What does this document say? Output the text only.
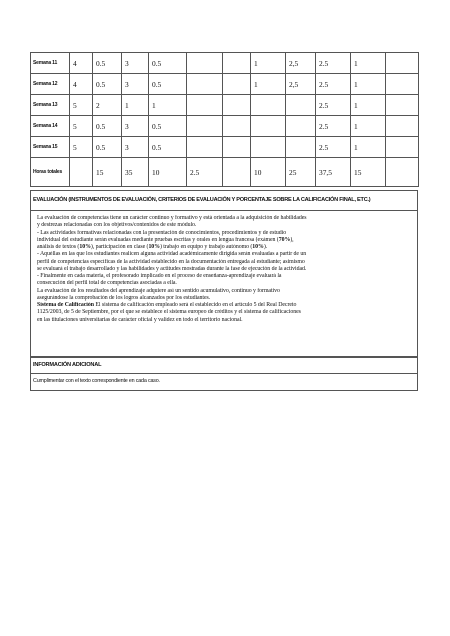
Semana 11	4	0.5	3	0.5			1	2,5	2.5	1	
Semana 12	4	0.5	3	0.5			1	2,5	2.5	1	
Semana 13	5	2	1	1					2.5	1	
Semana 14	5	0.5	3	0.5					2.5	1	
Semana 15	5	0.5	3	0.5					2.5	1	
Horas totales		15	35	10	2.5		10	25	37,5	15	
EVALUACIÓN (INSTRUMENTOS DE EVALUACIÓN, CRITERIOS DE EVALUACIÓN Y PORCENTAJE SOBRE LA CALIFICACIÓN FINAL, ETC.)
La evaluación de competencias tiene un carácter continuo y formativo y está orientada a la adquisición de habilidades
y destrezas relacionadas con los objetivos/contenidos de este módulo.
- Las actividades formativas relacionadas con la presentación de conocimientos, procedimientos y de estudio
individual del estudiante serán evaluadas mediante pruebas escritas y orales en lengua francesa (exámen (70%),
análisis de textos (10%), participación en clase (10%) trabajo en equipo y trabajo autónomo (10%).
- Aquéllas en las que los estudiantes realicen alguna actividad académicamente dirigida serán evaluadas a partir de un
perfil de competencias específicas de la actividad establecido en la documentación entregada al estudiante; asimismo
se evaluará el trabajo desarrollado y las habilidades y actitudes mostradas durante la fase de ejecución de la actividad.
- Finalmente en cada materia, el profesorado implicado en el proceso de enseñanza-aprendizaje evaluará la
consecución del perfil total de competencias asociadas a ella.
La evaluación de los resultados del aprendizaje adquiere así un sentido acumulativo, continuo y formativo
asegurándose la comprobación de los logros alcanzados por los estudiantes.
Sistema de Calificación El sistema de calificación empleado será el establecido en el artículo 5 del Real Decreto
1125/2003, de 5 de Septiembre, por el que se establece el sistema europeo de créditos y el sistema de calificaciones
en las titulaciones universitarias de carácter oficial y validez en todo el territorio nacional.
INFORMACIÓN ADICIONAL
Cumplimentar con el texto correspondiente en cada caso.
